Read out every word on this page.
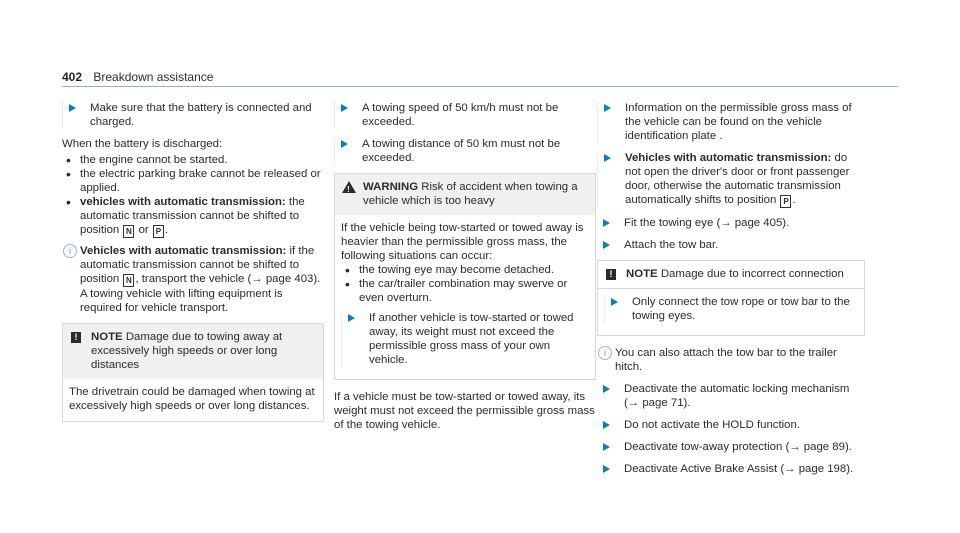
402 Breakdown assistance
Make sure that the battery is connected and charged.
When the battery is discharged:
• the engine cannot be started.
• the electric parking brake cannot be released or applied.
• vehicles with automatic transmission: the automatic transmission cannot be shifted to position N or P .
i Vehicles with automatic transmission: if the automatic transmission cannot be shifted to position N , transport the vehicle (→ page 403). A towing vehicle with lifting equipment is required for vehicle transport.
!	NOTE Damage due to towing away at excessively high speeds or over long distances
The drivetrain could be damaged when towing at excessively high speeds or over long distances.
A towing speed of 50 km/h must not be exceeded.
A towing distance of 50 km must not be exceeded.
! WARNING Risk of accident when towing a vehicle which is too heavy
If the vehicle being tow-started or towed away is heavier than the permissible gross mass, the following situations can occur:
• the towing eye may become detached.
• the car/trailer combination may swerve or even overturn.
If another vehicle is tow-started or towed away, its weight must not exceed the permissible gross mass of your own vehicle.
If a vehicle must be tow-started or towed away, its weight must not exceed the permissible gross mass of the towing vehicle.
Information on the permissible gross mass of the vehicle can be found on the vehicle identification plate .
Vehicles with automatic transmission: do not open the driver's door or front passenger door, otherwise the automatic transmission automatically shifts to position P .
Fit the towing eye (→ page 405).
Attach the tow bar.
!	NOTE Damage due to incorrect connection
Only connect the tow rope or tow bar to the towing eyes.
i You can also attach the tow bar to the trailer hitch.
Deactivate the automatic locking mechanism (→ page 71).
Do not activate the HOLD function.
Deactivate tow-away protection (→ page 89).
Deactivate Active Brake Assist (→ page 198).
